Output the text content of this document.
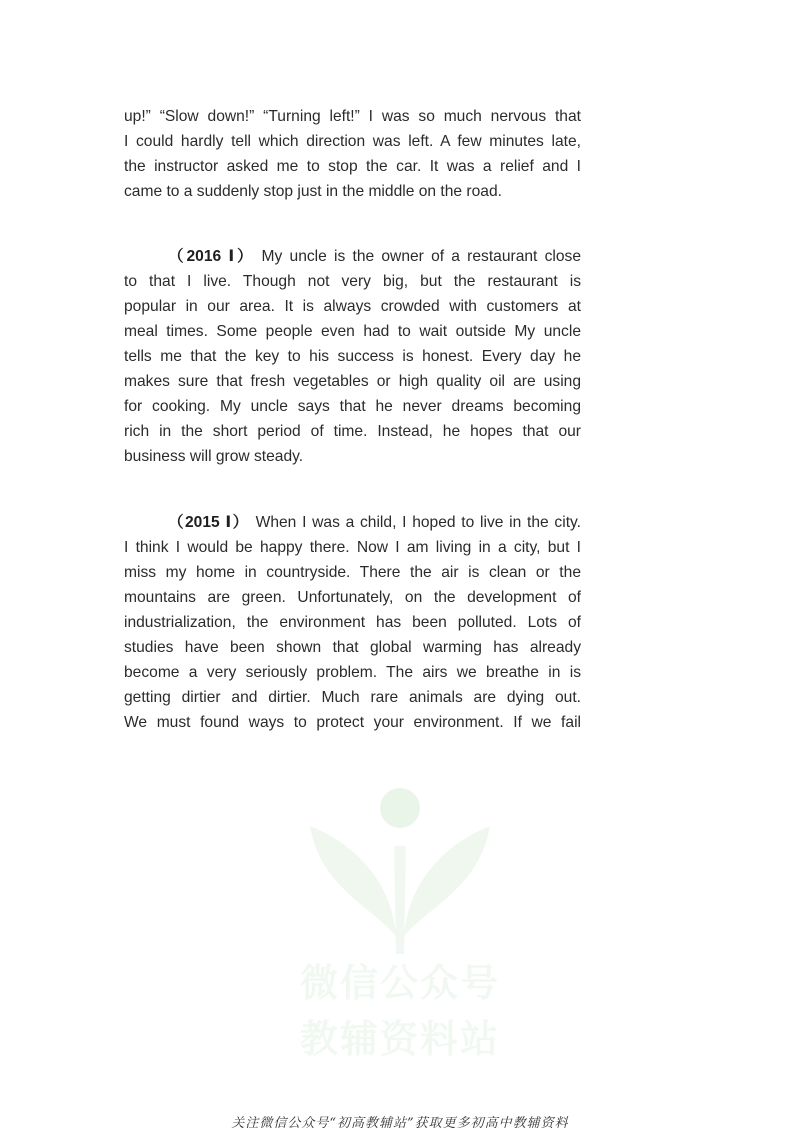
up!” “Slow down!” “Turning left!” I was so much nervous that
I could hardly tell which direction was left. A few minutes late,
the instructor asked me to stop the car. It was a relief and I
came to a suddenly stop just in the middle on the road.

（2016 Ⅰ） My uncle is the owner of a restaurant close
to that I live. Though not very big, but the restaurant is
popular in our area. It is always crowded with customers at
meal times. Some people even had to wait outside My uncle
tells me that the key to his success is honest. Every day he
makes sure that fresh vegetables or high quality oil are using
for cooking. My uncle says that he never dreams becoming
rich in the short period of time. Instead, he hopes that our
business will grow steady.

（2015 Ⅰ） When I was a child, I hoped to live in the city.
I think I would be happy there. Now I am living in a city, but I
miss my home in countryside. There the air is clean or the
mountains are green. Unfortunately, on the development of
industrialization, the environment has been polluted. Lots of
studies have been shown that global warming has already
become a very seriously problem. The airs we breathe in is
getting dirtier and dirtier. Much rare animals are dying out.
We must found ways to protect your environment. If we fail

微信公众号
教辅资料站
关注微信公众号“初高教辅站”获取更多初高中教辅资料
